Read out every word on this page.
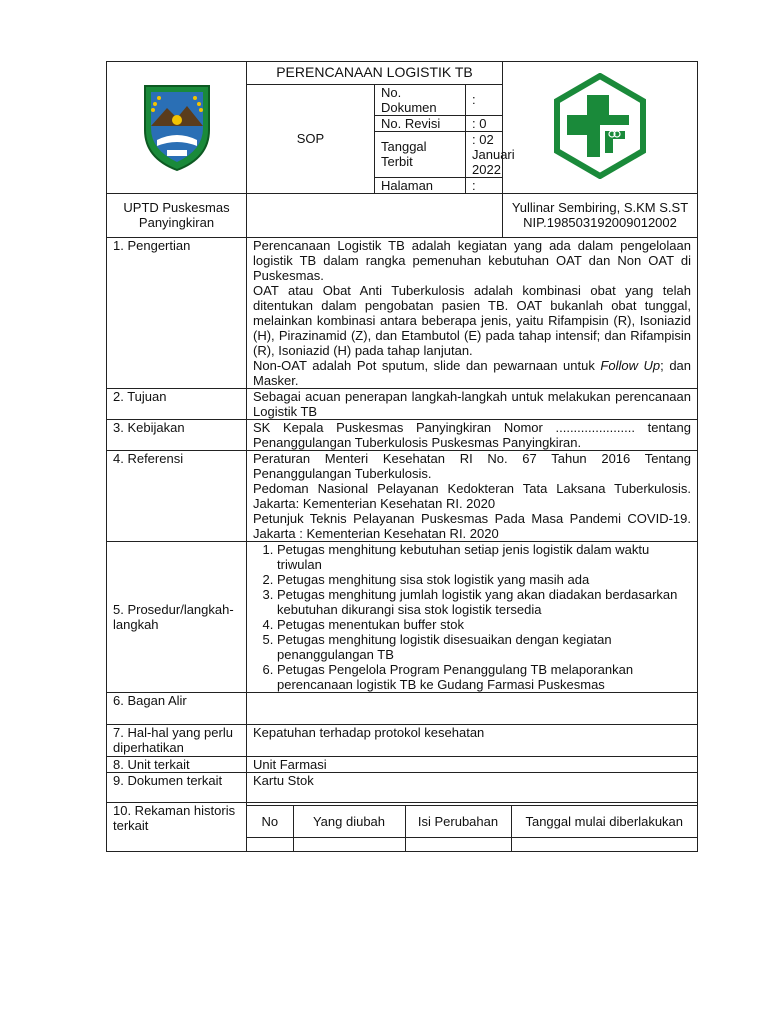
PERENCANAAN LOGISTIK TB
SOP	
No. Dokumen	:
No. Revisi	: 0
Tanggal Terbit	: 02 Januari 2022
Halaman	:

UPTD Puskesmas Panyingkiran		
Yullinar Sembiring, S.KM S.ST
NIP.198503192009012002

1. Pengertian	Perencanaan Logistik TB adalah kegiatan yang ada dalam pengelolaan logistik TB dalam rangka pemenuhan kebutuhan OAT dan Non OAT di Puskesmas.
OAT atau Obat Anti Tuberkulosis adalah kombinasi obat yang telah ditentukan dalam pengobatan pasien TB. OAT bukanlah obat tunggal, melainkan kombinasi antara beberapa jenis, yaitu Rifampisin (R), Isoniazid (H), Pirazinamid (Z), dan Etambutol (E) pada tahap intensif; dan Rifampisin (R), Isoniazid (H) pada tahap lanjutan.
Non-OAT adalah Pot sputum, slide dan pewarnaan untuk Follow Up; dan Masker.

2. Tujuan	Sebagai acuan penerapan langkah-langkah untuk melakukan perencanaan Logistik TB
3. Kebijakan	SK Kepala Puskesmas Panyingkiran Nomor ...................... tentang Penanggulangan Tuberkulosis Puskesmas Panyingkiran.
4. Referensi	Peraturan Menteri Kesehatan RI No. 67 Tahun 2016 Tentang Penanggulangan Tuberkulosis.
Pedoman Nasional Pelayanan Kedokteran Tata Laksana Tuberkulosis. Jakarta: Kementerian Kesehatan RI. 2020
Petunjuk Teknis Pelayanan Puskesmas Pada Masa Pandemi COVID-19. Jakarta : Kementerian Kesehatan RI. 2020

5. Prosedur/langkah-langkah	
1. Petugas menghitung kebutuhan setiap jenis logistik dalam waktu triwulan
2. Petugas menghitung sisa stok logistik yang masih ada
3. Petugas menghitung jumlah logistik yang akan diadakan berdasarkan kebutuhan dikurangi sisa stok logistik tersedia
4. Petugas menentukan buffer stok
5. Petugas menghitung logistik disesuaikan dengan kegiatan penanggulangan TB
6. Petugas Pengelola Program Penanggulang TB melaporankan perencanaan logistik TB ke Gudang Farmasi Puskesmas

6. Bagan Alir	
7. Hal-hal yang perlu diperhatikan	Kepatuhan terhadap protokol kesehatan
8. Unit terkait	Unit Farmasi
9. Dokumen terkait	Kartu Stok
10. Rekaman historis terkait		No	Yang diubah	Isi Perubahan	Tanggal mulai diberlakukan
